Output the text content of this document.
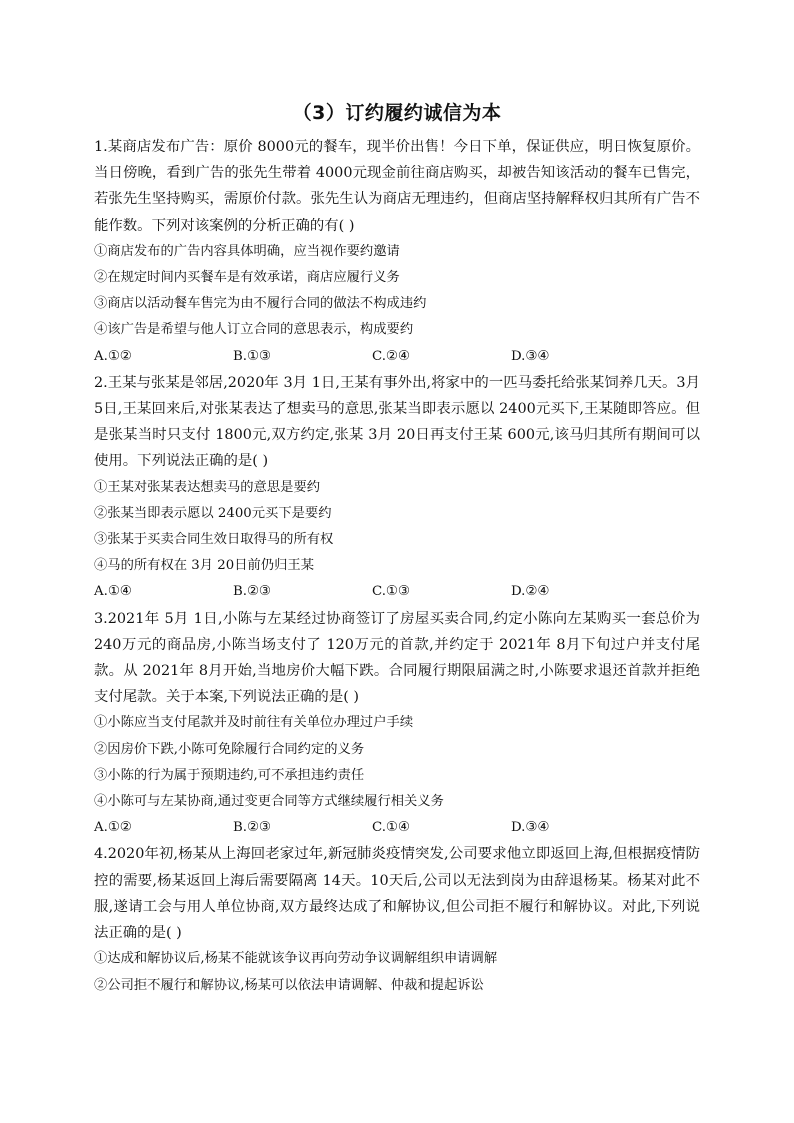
（3）订约履约诚信为本

1.某商店发布广告：原价 8000元的餐车，现半价出售！今日下单，保证供应，明日恢复原价。当日傍晚，看到广告的张先生带着 4000元现金前往商店购买，却被告知该活动的餐车已售完，若张先生坚持购买，需原价付款。张先生认为商店无理违约，但商店坚持解释权归其所有广告不能作数。下列对该案例的分析正确的有( )

①商店发布的广告内容具体明确，应当视作要约邀请

②在规定时间内买餐车是有效承诺，商店应履行义务

③商店以活动餐车售完为由不履行合同的做法不构成违约

④该广告是希望与他人订立合同的意思表示，构成要约

A.①②	B.①③	C.②④	D.③④

2.王某与张某是邻居,2020年 3月 1日,王某有事外出,将家中的一匹马委托给张某饲养几天。3月 5日,王某回来后,对张某表达了想卖马的意思,张某当即表示愿以 2400元买下,王某随即答应。但是张某当时只支付 1800元,双方约定,张某 3月 20日再支付王某 600元,该马归其所有期间可以使用。下列说法正确的是( )

①王某对张某表达想卖马的意思是要约

②张某当即表示愿以 2400元买下是要约

③张某于买卖合同生效日取得马的所有权

④马的所有权在 3月 20日前仍归王某

A.①④	B.②③	C.①③	D.②④

3.2021年 5月 1日,小陈与左某经过协商签订了房屋买卖合同,约定小陈向左某购买一套总价为 240万元的商品房,小陈当场支付了 120万元的首款,并约定于 2021年 8月下旬过户并支付尾款。从 2021年 8月开始,当地房价大幅下跌。合同履行期限届满之时,小陈要求退还首款并拒绝支付尾款。关于本案,下列说法正确的是( )

①小陈应当支付尾款并及时前往有关单位办理过户手续

②因房价下跌,小陈可免除履行合同约定的义务

③小陈的行为属于预期违约,可不承担违约责任

④小陈可与左某协商,通过变更合同等方式继续履行相关义务

A.①②	B.②③	C.①④	D.③④

4.2020年初,杨某从上海回老家过年,新冠肺炎疫情突发,公司要求他立即返回上海,但根据疫情防控的需要,杨某返回上海后需要隔离 14天。10天后,公司以无法到岗为由辞退杨某。杨某对此不服,遂请工会与用人单位协商,双方最终达成了和解协议,但公司拒不履行和解协议。对此,下列说法正确的是( )

①达成和解协议后,杨某不能就该争议再向劳动争议调解组织申请调解

②公司拒不履行和解协议,杨某可以依法申请调解、仲裁和提起诉讼
